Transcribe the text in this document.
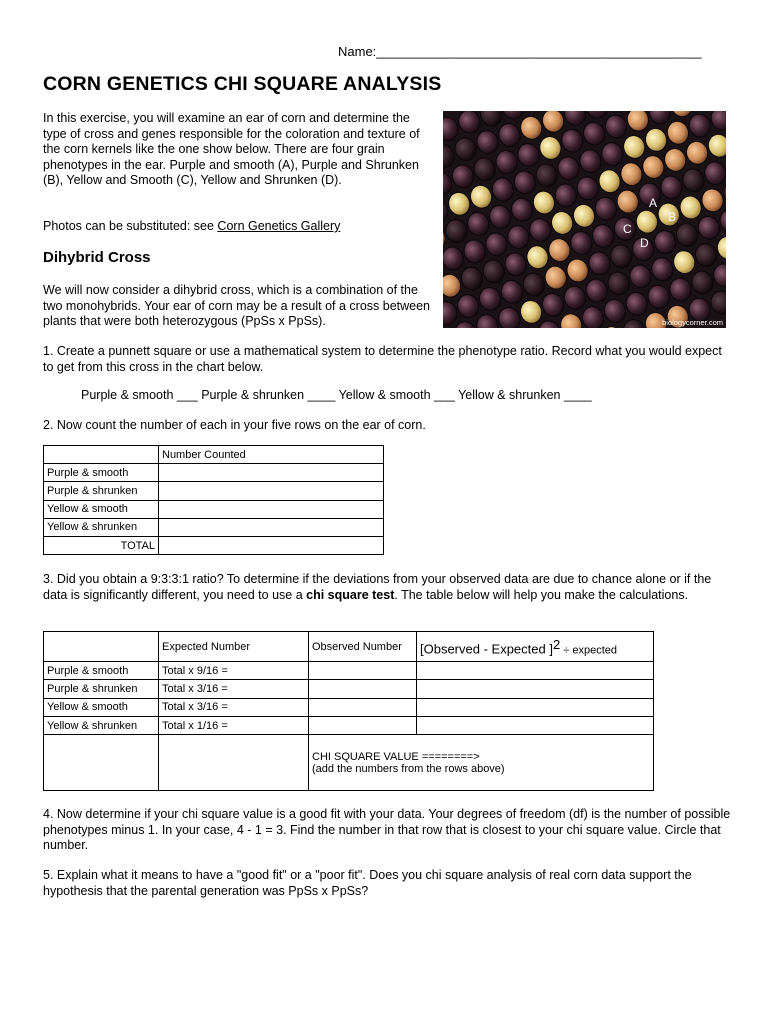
Name:_____________________________________________
CORN GENETICS CHI SQUARE ANALYSIS

In this exercise, you will examine an ear of corn and determine the type of cross and genes responsible for the coloration and texture of the corn kernels like the one show below. There are four grain phenotypes in the ear. Purple and smooth (A), Purple and Shrunken (B), Yellow and Smooth (C), Yellow and Shrunken (D).

Photos can be substituted: see Corn Genetics Gallery

Dihybrid Cross

We will now consider a dihybrid cross, which is a combination of the two monohybrids. Your ear of corn may be a result of a cross between plants that were both heterozygous (PpSs x PpSs).

A
B
C
D
biologycorner.com

1. Create a punnett square or use a mathematical system to determine the phenotype ratio. Record what you would expect to get from this cross in the chart below.

Purple & smooth ___ Purple & shrunken ____ Yellow & smooth ___ Yellow & shrunken ____

2. Now count the number of each in your five rows on the ear of corn.

	Number Counted
Purple & smooth	
Purple & shrunken	
Yellow & smooth	
Yellow & shrunken	
TOTAL	

3. Did you obtain a 9:3:3:1 ratio? To determine if the deviations from your observed data are due to chance alone or if the data is significantly different, you need to use a chi square test. The table below will help you make the calculations.

	Expected Number	Observed Number	[Observed - Expected ]$^2$ ÷ expected
Purple & smooth	Total x 9/16 =		
Purple & shrunken	Total x 3/16 =		
Yellow & smooth	Total x 3/16 =		
Yellow & shrunken	Total x 1/16 =		

		CHI SQUARE VALUE ========>
(add the numbers from the rows above)	

4. Now determine if your chi square value is a good fit with your data. Your degrees of freedom (df) is the number of possible phenotypes minus 1. In your case, 4 - 1 = 3. Find the number in that row that is closest to your chi square value. Circle that number.

5. Explain what it means to have a "good fit" or a "poor fit". Does you chi square analysis of real corn data support the hypothesis that the parental generation was PpSs x PpSs?
